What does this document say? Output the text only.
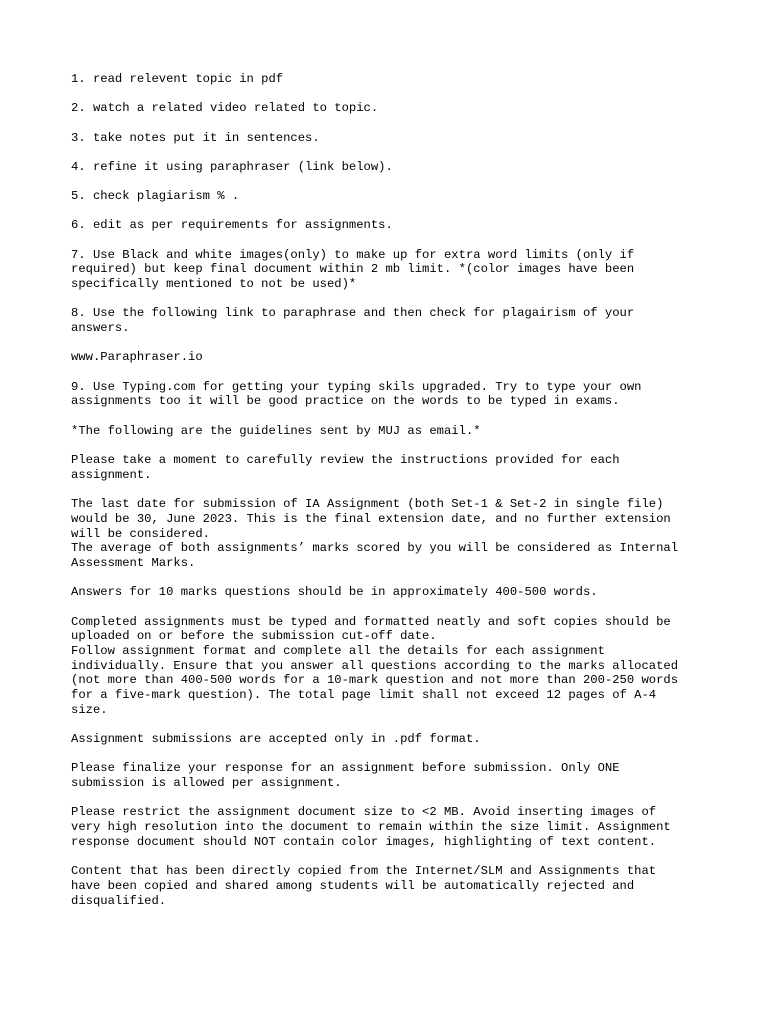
1. read relevent topic in pdf
2. watch a related video related to topic.
3. take notes put it in sentences.
4. refine it using paraphraser (link below).
5. check plagiarism % .
6. edit as per requirements for assignments.
7. Use Black and white images(only) to make up for extra word limits (only if
required) but keep final document within 2 mb limit. *(color images have been
specifically mentioned to not be used)*
8. Use the following link to paraphrase and then check for plagairism of your
answers.
www.Paraphraser.io
9. Use Typing.com for getting your typing skils upgraded. Try to type your own
assignments too it will be good practice on the words to be typed in exams.
*The following are the guidelines sent by MUJ as email.*
Please take a moment to carefully review the instructions provided for each
assignment.
The last date for submission of IA Assignment (both Set-1 & Set-2 in single file)
would be 30, June 2023. This is the final extension date, and no further extension
will be considered.
The average of both assignments’ marks scored by you will be considered as Internal
Assessment Marks.
Answers for 10 marks questions should be in approximately 400-500 words.
Completed assignments must be typed and formatted neatly and soft copies should be
uploaded on or before the submission cut-off date.
Follow assignment format and complete all the details for each assignment
individually. Ensure that you answer all questions according to the marks allocated
(not more than 400-500 words for a 10-mark question and not more than 200-250 words
for a five-mark question). The total page limit shall not exceed 12 pages of A-4
size.
Assignment submissions are accepted only in .pdf format.
Please finalize your response for an assignment before submission. Only ONE
submission is allowed per assignment.
Please restrict the assignment document size to <2 MB. Avoid inserting images of
very high resolution into the document to remain within the size limit. Assignment
response document should NOT contain color images, highlighting of text content.
Content that has been directly copied from the Internet/SLM and Assignments that
have been copied and shared among students will be automatically rejected and
disqualified.
